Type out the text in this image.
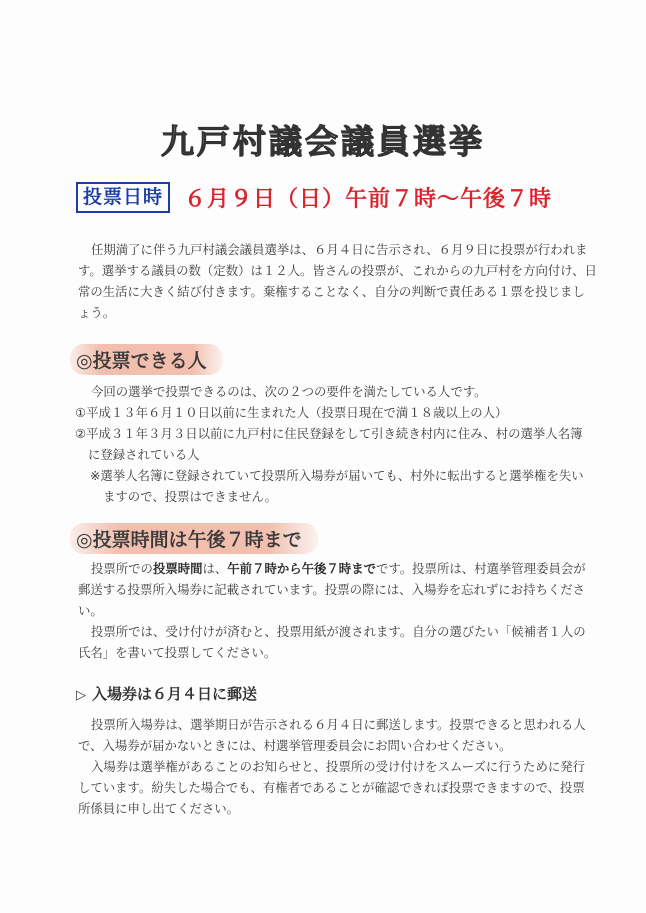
九戸村議会議員選挙
投票日時 ６月９日（日）午前７時〜午後７時
任期満了に伴う九戸村議会議員選挙は、６月４日に告示され、６月９日に投票が行われま
す。選挙する議員の数（定数）は１２人。皆さんの投票が、これからの九戸村を方向付け、日
常の生活に大きく結び付きます。棄権することなく、自分の判断で責任ある１票を投じまし
ょう。
◎投票できる人
今回の選挙で投票できるのは、次の２つの要件を満たしている人です。
①平成１３年６月１０日以前に生まれた人（投票日現在で満１８歳以上の人）
②平成３１年３月３日以前に九戸村に住民登録をして引き続き村内に住み、村の選挙人名簿
に登録されている人
※選挙人名簿に登録されていて投票所入場券が届いても、村外に転出すると選挙権を失い
ますので、投票はできません。
◎投票時間は午後７時まで
投票所での投票時間は、午前７時から午後７時までです。投票所は、村選挙管理委員会が
郵送する投票所入場券に記載されています。投票の際には、入場券を忘れずにお持ちくださ
い。
投票所では、受け付けが済むと、投票用紙が渡されます。自分の選びたい「候補者１人の
氏名」を書いて投票してください。
▷ 入場券は６月４日に郵送
投票所入場券は、選挙期日が告示される６月４日に郵送します。投票できると思われる人
で、入場券が届かないときには、村選挙管理委員会にお問い合わせください。
入場券は選挙権があることのお知らせと、投票所の受け付けをスムーズに行うために発行
しています。紛失した場合でも、有権者であることが確認できれば投票できますので、投票
所係員に申し出てください。
